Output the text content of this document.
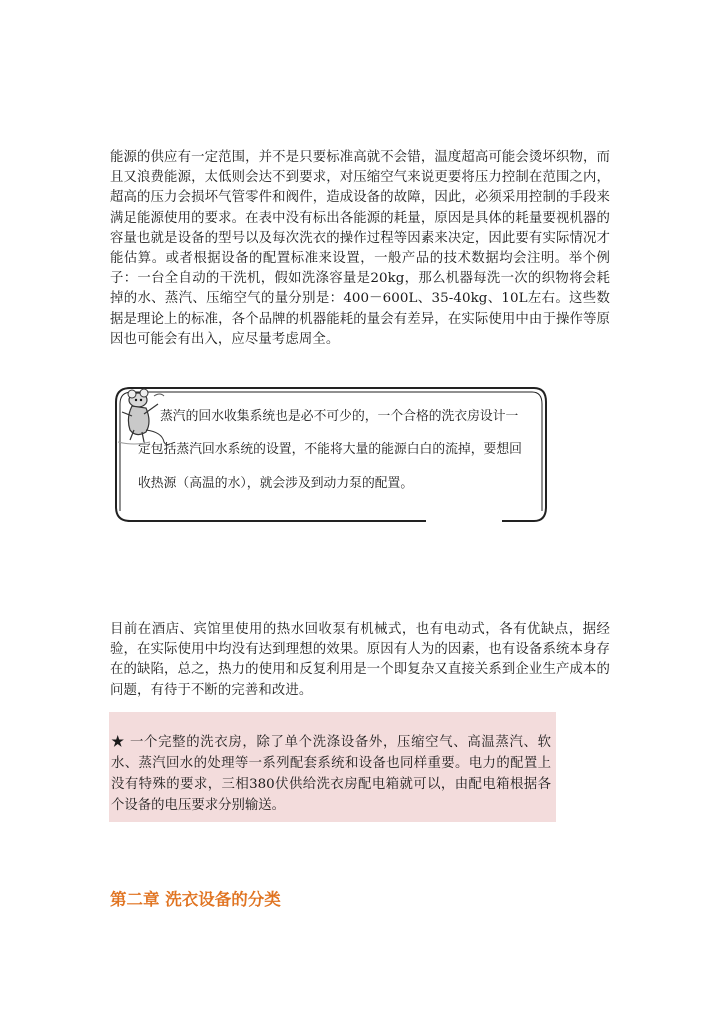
能源的供应有一定范围，并不是只要标准高就不会错，温度超高可能会烫坏织物，而且又浪费能源，太低则会达不到要求，对压缩空气来说更要将压力控制在范围之内，超高的压力会损坏气管零件和阀件，造成设备的故障，因此，必须采用控制的手段来满足能源使用的要求。在表中没有标出各能源的耗量，原因是具体的耗量要视机器的容量也就是设备的型号以及每次洗衣的操作过程等因素来决定，因此要有实际情况才能估算。或者根据设备的配置标准来设置，一般产品的技术数据均会注明。举个例子：一台全自动的干洗机，假如洗涤容量是20kg，那么机器每洗一次的织物将会耗掉的水、蒸汽、压缩空气的量分别是：400－600L、35-40kg、10L左右。这些数据是理论上的标准，各个品牌的机器能耗的量会有差异，在实际使用中由于操作等原因也可能会有出入，应尽量考虑周全。

蒸汽的回水收集系统也是必不可少的，一个合格的洗衣房设计一
定包括蒸汽回水系统的设置，不能将大量的能源白白的流掉，要想回
收热源（高温的水），就会涉及到动力泵的配置。

目前在酒店、宾馆里使用的热水回收泵有机械式，也有电动式，各有优缺点，据经验，在实际使用中均没有达到理想的效果。原因有人为的因素，也有设备系统本身存在的缺陷，总之，热力的使用和反复利用是一个即复杂又直接关系到企业生产成本的问题，有待于不断的完善和改进。

★ 一个完整的洗衣房，除了单个洗涤设备外，压缩空气、高温蒸汽、软水、蒸汽回水的处理等一系列配套系统和设备也同样重要。电力的配置上没有特殊的要求，三相380伏供给洗衣房配电箱就可以，由配电箱根据各个设备的电压要求分别输送。

第二章 洗衣设备的分类
